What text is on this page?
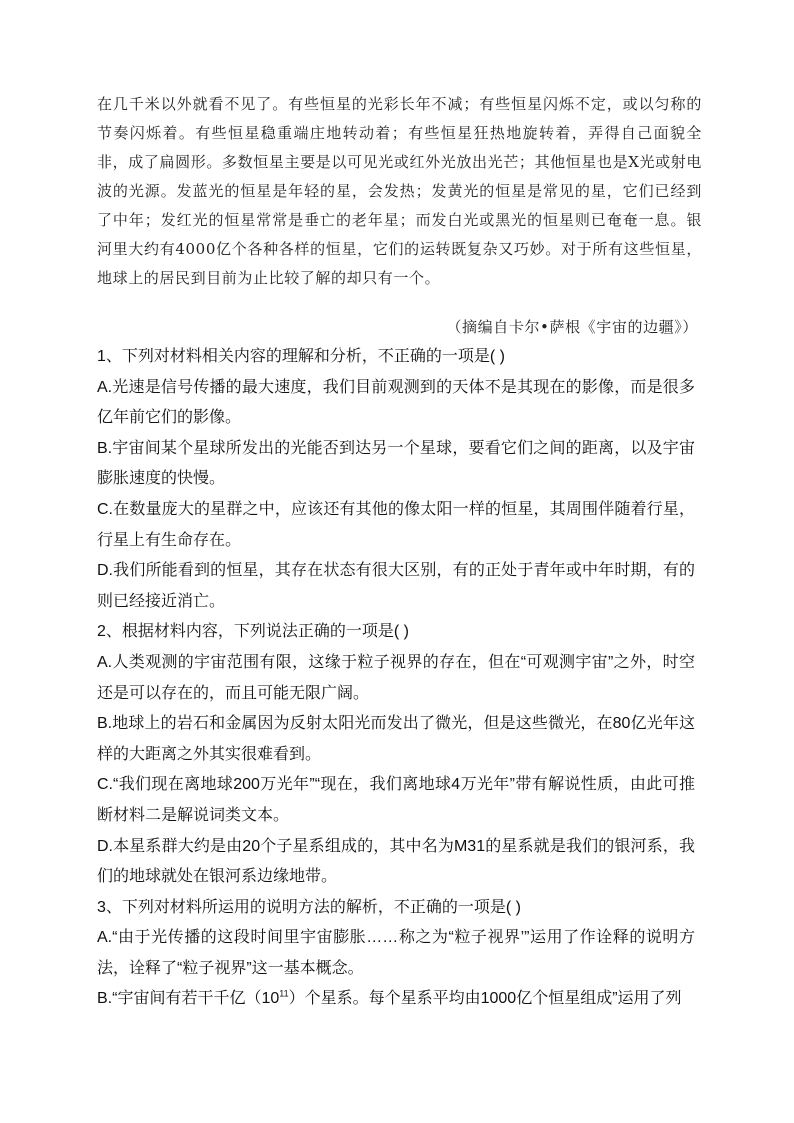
在几千米以外就看不见了。有些恒星的光彩长年不减；有些恒星闪烁不定，或以匀称的节奏闪烁着。有些恒星稳重端庄地转动着；有些恒星狂热地旋转着，弄得自己面貌全非，成了扁圆形。多数恒星主要是以可见光或红外光放出光芒；其他恒星也是X光或射电波的光源。发蓝光的恒星是年轻的星，会发热；发黄光的恒星是常见的星，它们已经到了中年；发红光的恒星常常是垂亡的老年星；而发白光或黑光的恒星则已奄奄一息。银河里大约有4000亿个各种各样的恒星，它们的运转既复杂又巧妙。对于所有这些恒星，地球上的居民到目前为止比较了解的却只有一个。

（摘编自卡尔•萨根《宇宙的边疆》）

1、下列对材料相关内容的理解和分析，不正确的一项是( )

A.光速是信号传播的最大速度，我们目前观测到的天体不是其现在的影像，而是很多亿年前它们的影像。

B.宇宙间某个星球所发出的光能否到达另一个星球，要看它们之间的距离，以及宇宙膨胀速度的快慢。

C.在数量庞大的星群之中，应该还有其他的像太阳一样的恒星，其周围伴随着行星，行星上有生命存在。

D.我们所能看到的恒星，其存在状态有很大区别，有的正处于青年或中年时期，有的则已经接近消亡。

2、根据材料内容，下列说法正确的一项是( )

A.人类观测的宇宙范围有限，这缘于粒子视界的存在，但在“可观测宇宙”之外，时空还是可以存在的，而且可能无限广阔。

B.地球上的岩石和金属因为反射太阳光而发出了微光，但是这些微光，在80亿光年这样的大距离之外其实很难看到。

C.“我们现在离地球200万光年”“现在，我们离地球4万光年”带有解说性质，由此可推断材料二是解说词类文本。

D.本星系群大约是由20个子星系组成的，其中名为M31的星系就是我们的银河系，我们的地球就处在银河系边缘地带。

3、下列对材料所运用的说明方法的解析，不正确的一项是( )

A.“由于光传播的这段时间里宇宙膨胀……称之为“粒子视界’”运用了作诠释的说明方法，诠释了“粒子视界”这一基本概念。

B.“宇宙间有若干千亿$(10^{11})$个星系。每个星系平均由1000亿个恒星组成”运用了列
